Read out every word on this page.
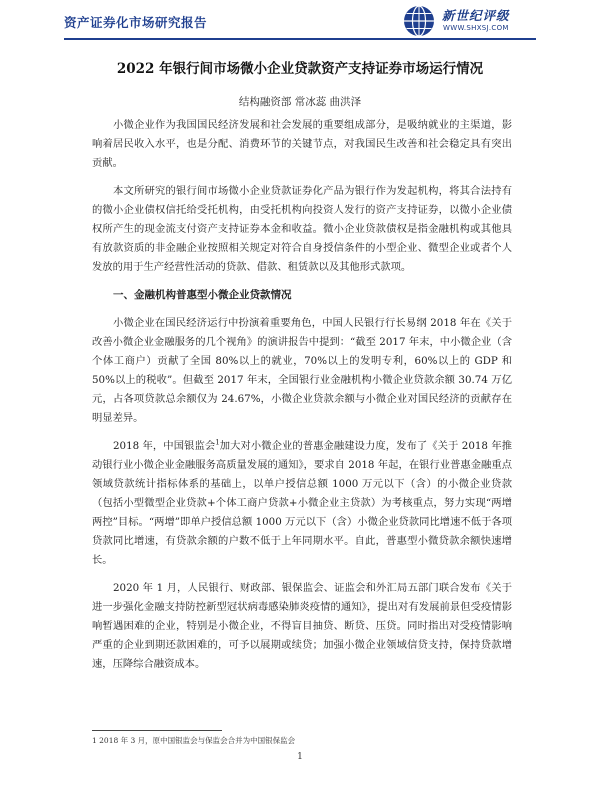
资产证券化市场研究报告	新世纪评级
WWW.SHXSJ.COM
2022 年银行间市场微小企业贷款资产支持证券市场运行情况
结构融资部 常冰蕊 曲洪泽

小微企业作为我国国民经济发展和社会发展的重要组成部分，是吸纳就业的主渠道，影响着居民收入水平，也是分配、消费环节的关键节点，对我国民生改善和社会稳定具有突出贡献。

本文所研究的银行间市场微小企业贷款证券化产品为银行作为发起机构，将其合法持有的微小企业债权信托给受托机构，由受托机构向投资人发行的资产支持证券，以微小企业债权所产生的现金流支付资产支持证券本金和收益。微小企业贷款债权是指金融机构或其他具有放款资质的非金融企业按照相关规定对符合自身授信条件的小型企业、微型企业或者个人发放的用于生产经营性活动的贷款、借款、租赁款以及其他形式款项。

一、金融机构普惠型小微企业贷款情况

小微企业在国民经济运行中扮演着重要角色，中国人民银行行长易纲 2018 年在《关于改善小微企业金融服务的几个视角》的演讲报告中提到：“截至 2017 年末，中小微企业（含个体工商户）贡献了全国 80%以上的就业，70%以上的发明专利，60%以上的 GDP 和 50%以上的税收”。但截至 2017 年末，全国银行业金融机构小微企业贷款余额 30.74 万亿元，占各项贷款总余额仅为 24.67%，小微企业贷款余额与小微企业对国民经济的贡献存在明显差异。

2018 年，中国银监会$^1$加大对小微企业的普惠金融建设力度，发布了《关于 2018 年推动银行业小微企业金融服务高质量发展的通知》，要求自 2018 年起，在银行业普惠金融重点领域贷款统计指标体系的基础上，以单户授信总额 1000 万元以下（含）的小微企业贷款（包括小型微型企业贷款+个体工商户贷款+小微企业主贷款）为考核重点，努力实现“两增两控”目标。“两增”即单户授信总额 1000 万元以下（含）小微企业贷款同比增速不低于各项贷款同比增速，有贷款余额的户数不低于上年同期水平。自此，普惠型小微贷款余额快速增长。

2020 年 1 月，人民银行、财政部、银保监会、证监会和外汇局五部门联合发布《关于进一步强化金融支持防控新型冠状病毒感染肺炎疫情的通知》，提出对有发展前景但受疫情影响暂遇困难的企业，特别是小微企业，不得盲目抽贷、断贷、压贷。同时指出对受疫情影响严重的企业到期还款困难的，可予以展期或续贷；加强小微企业领域信贷支持，保持贷款增速，压降综合融资成本。

1 2018 年 3 月，原中国银监会与保监会合并为中国银保监会
1
